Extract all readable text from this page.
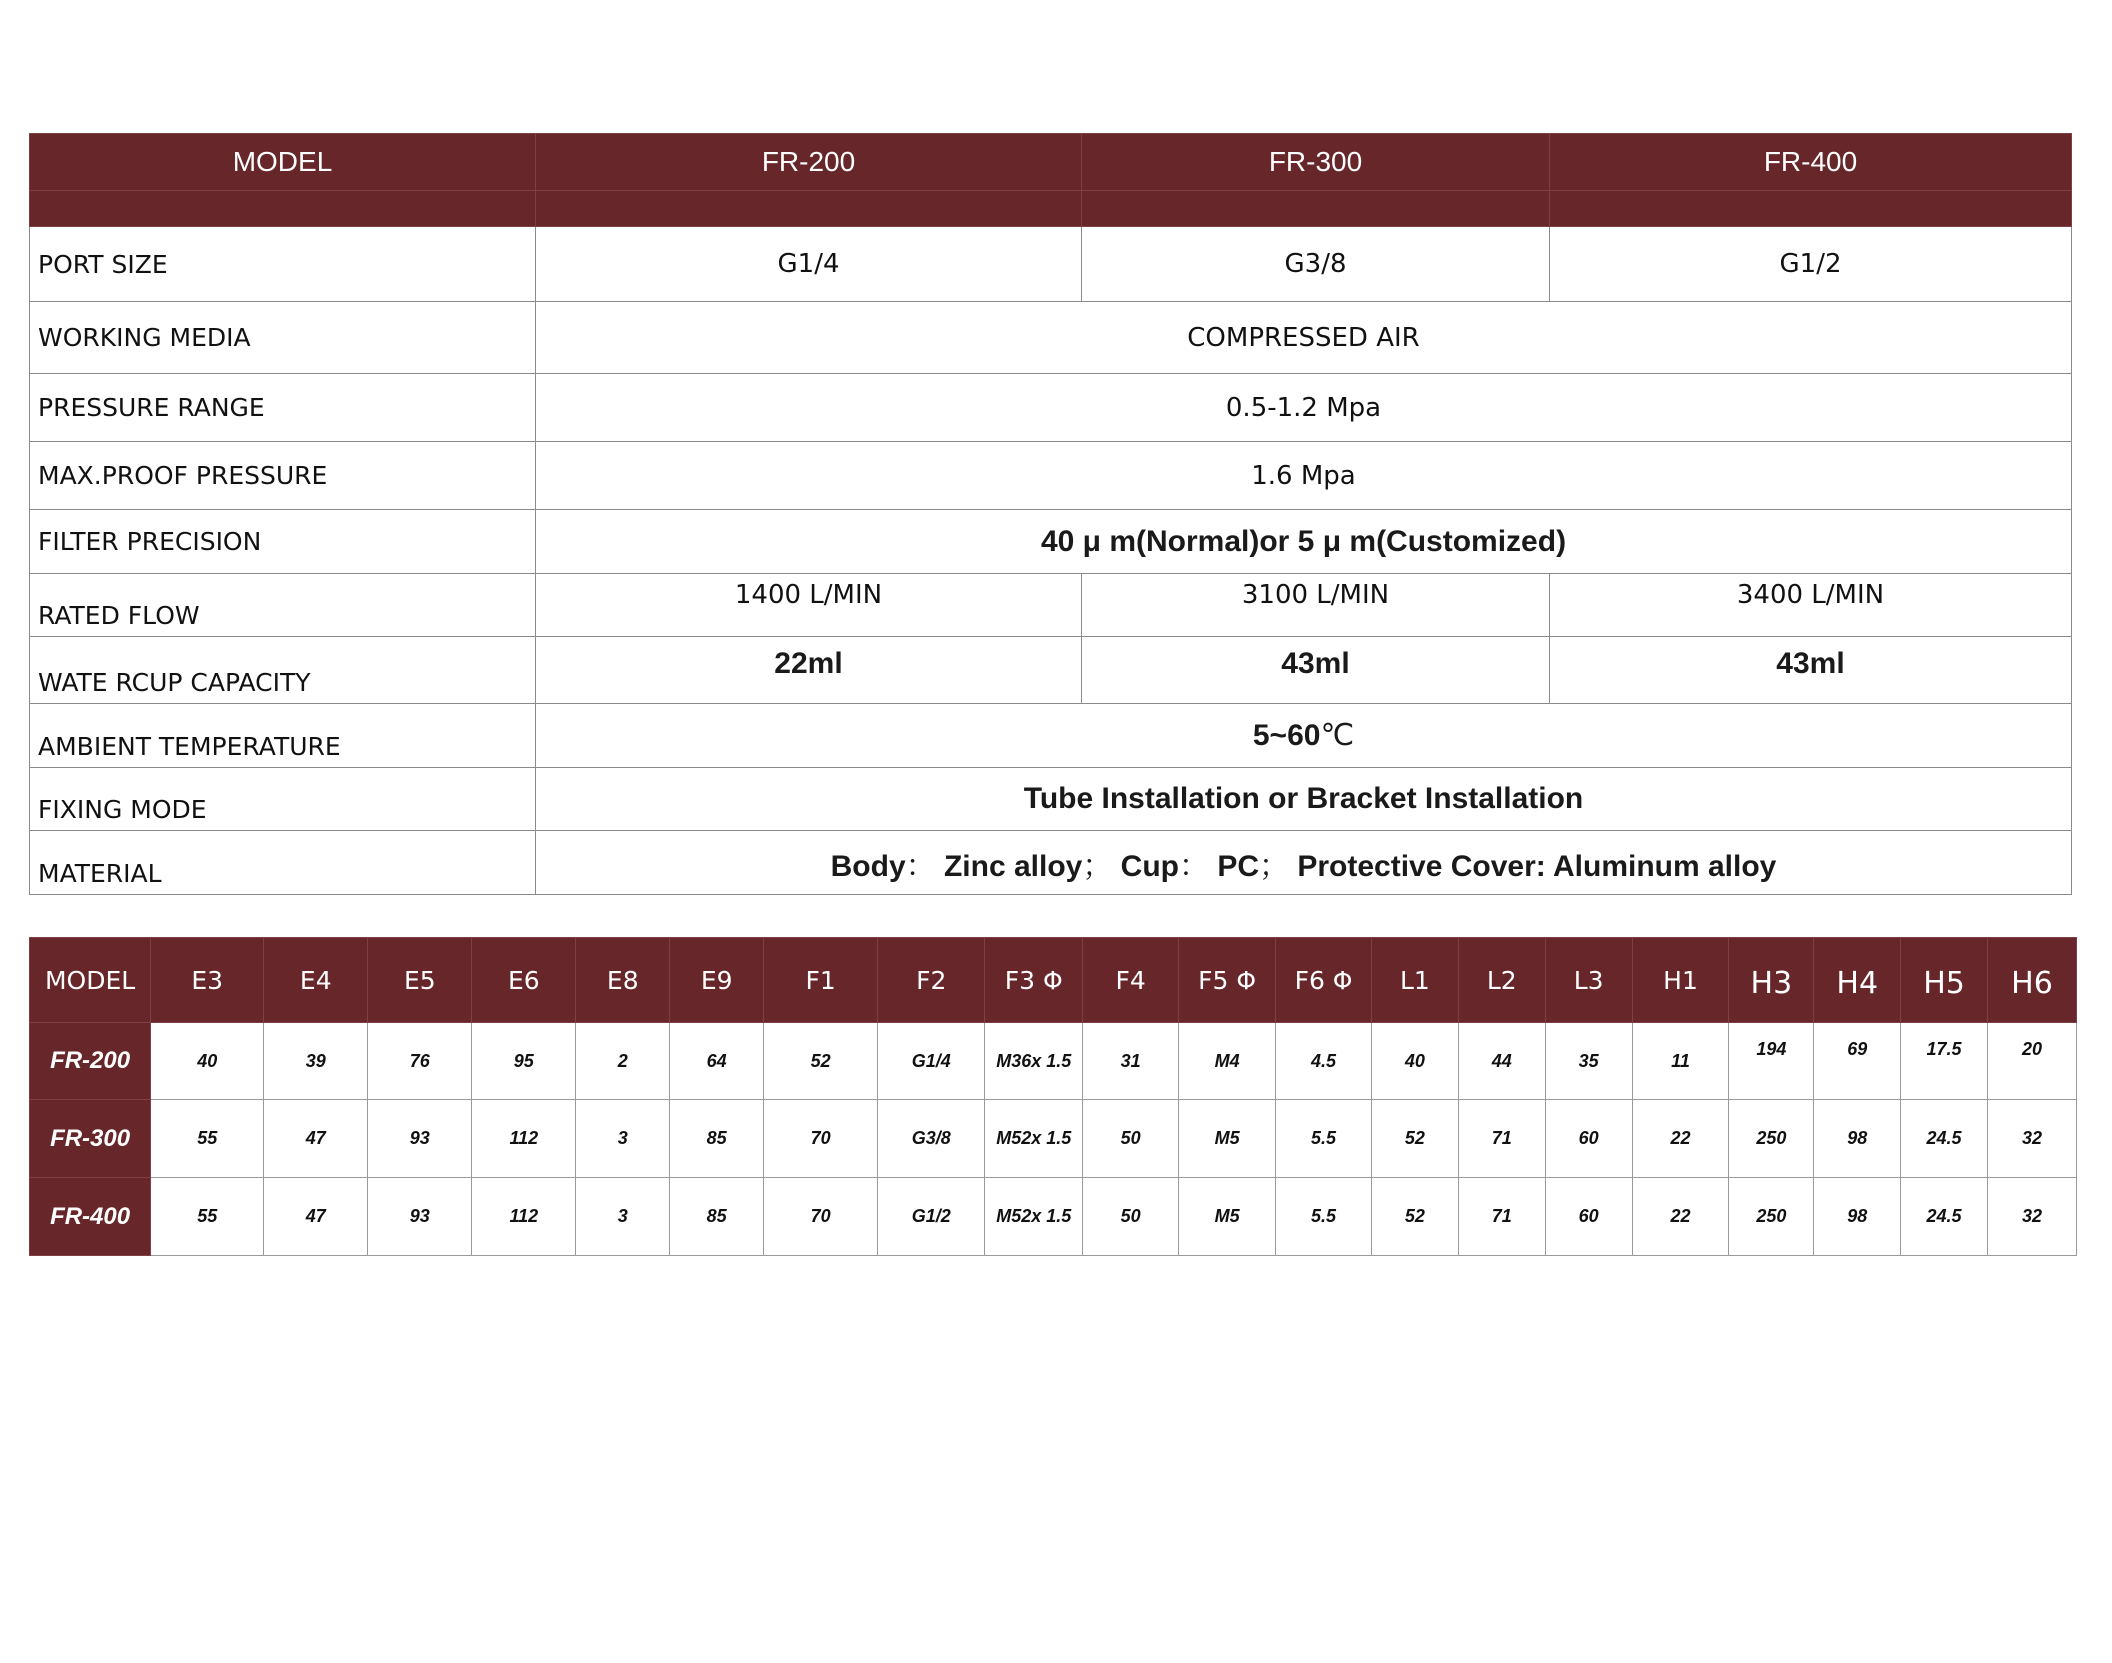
MODEL	FR-200	FR-300	FR-400

PORT SIZE	G1/4	G3/8	G1/2
WORKING MEDIA	COMPRESSED AIR		
PRESSURE RANGE	0.5-1.2 Mpa		
MAX.PROOF PRESSURE	1.6 Mpa		
FILTER PRECISION	40 μ m(Normal)or 5 μ m(Customized)		
RATED FLOW	1400 L/MIN	3100 L/MIN	3400 L/MIN
WATE RCUP CAPACITY	22ml	43ml	43ml
AMBIENT TEMPERATURE	5~60℃		
FIXING MODE	Tube Installation or Bracket Installation		
MATERIAL	Body： Zinc alloy； Cup： PC； Protective Cover: Aluminum alloy		
MODEL	E3	E4	E5	E6	E8	E9	F1	F2	F3 Φ	F4	F5 Φ	F6 Φ	L1	L2	L3	H1	H3	H4	H5	H6
FR-200	40	39	76	95	2	64	52	G1/4	M36x 1.5	31	M4	4.5	40	44	35	11	194	69	17.5	20
FR-300	55	47	93	112	3	85	70	G3/8	M52x 1.5	50	M5	5.5	52	71	60	22	250	98	24.5	32
FR-400	55	47	93	112	3	85	70	G1/2	M52x 1.5	50	M5	5.5	52	71	60	22	250	98	24.5	32
